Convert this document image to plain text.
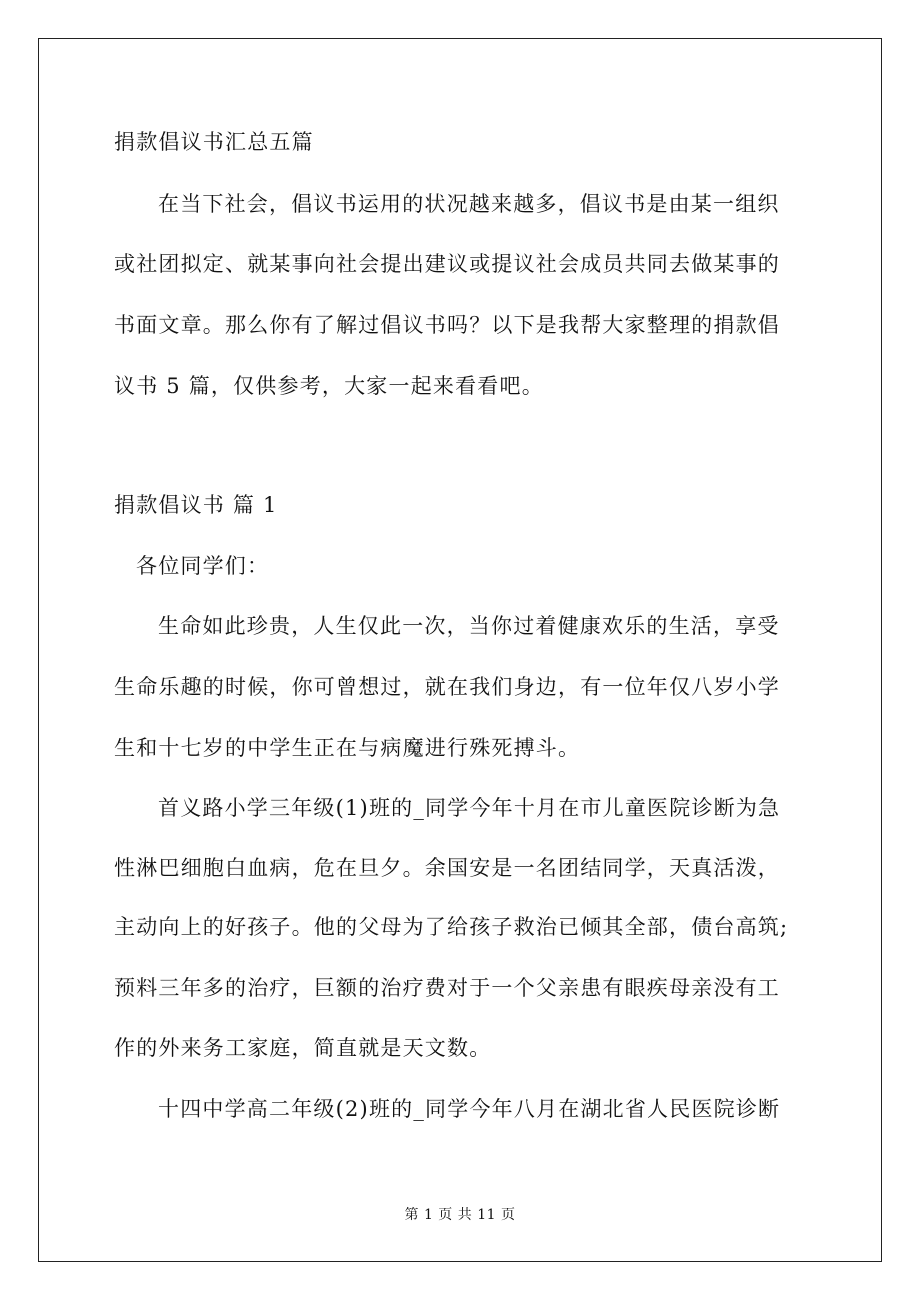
捐款倡议书汇总五篇
在当下社会，倡议书运用的状况越来越多，倡议书是由某一组织
或社团拟定、就某事向社会提出建议或提议社会成员共同去做某事的
书面文章。那么你有了解过倡议书吗？以下是我帮大家整理的捐款倡
议书 5 篇，仅供参考，大家一起来看看吧。
捐款倡议书 篇 1
各位同学们：
生命如此珍贵，人生仅此一次，当你过着健康欢乐的生活，享受
生命乐趣的时候，你可曾想过，就在我们身边，有一位年仅八岁小学
生和十七岁的中学生正在与病魔进行殊死搏斗。
首义路小学三年级(1)班的_同学今年十月在市儿童医院诊断为急
性淋巴细胞白血病，危在旦夕。余国安是一名团结同学，天真活泼，
主动向上的好孩子。他的父母为了给孩子救治已倾其全部，债台高筑;
预料三年多的治疗，巨额的治疗费对于一个父亲患有眼疾母亲没有工
作的外来务工家庭，简直就是天文数。
十四中学高二年级(2)班的_同学今年八月在湖北省人民医院诊断
第 1 页 共 11 页
